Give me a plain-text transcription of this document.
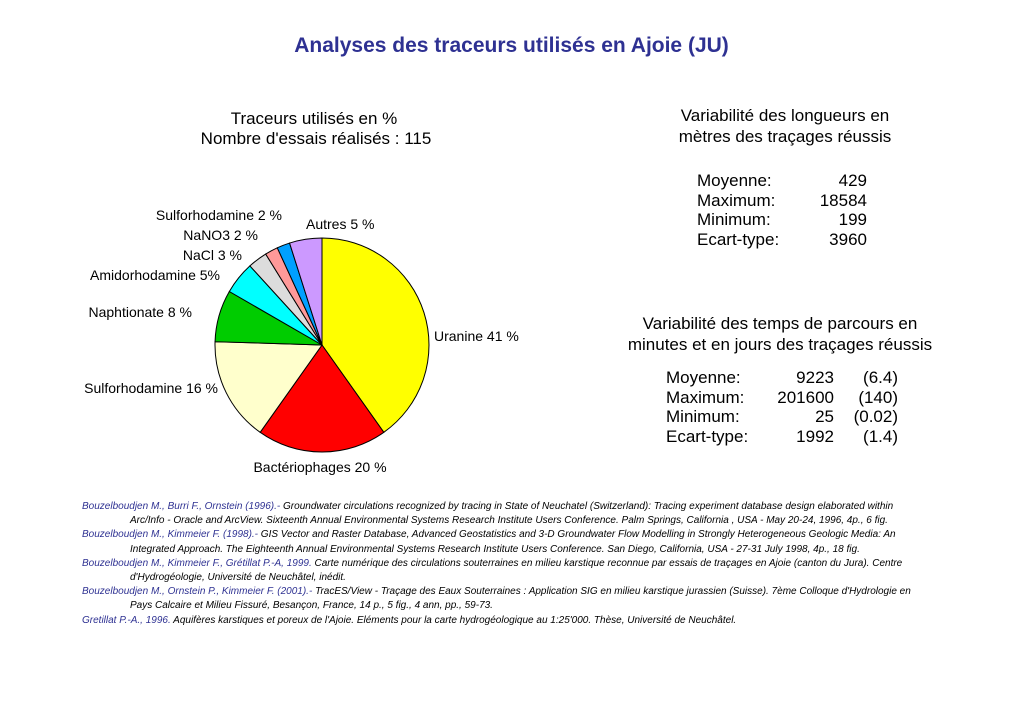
Analyses des traceurs utilisés en Ajoie (JU)
Traceurs utilisés en %
Nombre d'essais réalisés : 115
Uranine 41 %
Bactériophages 20 %
Sulforhodamine 16 %
Naphtionate 8 %
Amidorhodamine 5%
NaCl 3 %
NaNO3 2 %
Sulforhodamine 2 %
Autres 5 %
Variabilité des longueurs en
mètres des traçages réussis
Moyenne:	429
Maximum:	18584
Minimum:	199
Ecart-type:	3960
Variabilité des temps de parcours en
minutes et en jours des traçages réussis
Moyenne:	9223	(6.4)
Maximum:	201600	(140)
Minimum:	25	(0.02)
Ecart-type:	1992	(1.4)
Bouzelboudjen M., Burri F., Ornstein (1996).- Groundwater circulations recognized by tracing in State of Neuchatel (Switzerland): Tracing experiment database design elaborated within Arc/Info - Oracle and ArcView. Sixteenth Annual Environmental Systems Research Institute Users Conference. Palm Springs, California , USA - May 20-24, 1996, 4p., 6 fig.
Bouzelboudjen M., Kimmeier F. (1998).- GIS Vector and Raster Database, Advanced Geostatistics and 3-D Groundwater Flow Modelling in Strongly Heterogeneous Geologic Media: An Integrated Approach. The Eighteenth Annual Environmental Systems Research Institute Users Conference. San Diego, California, USA - 27-31 July 1998, 4p., 18 fig.
Bouzelboudjen M., Kimmeier F., Grétillat P.-A, 1999. Carte numérique des circulations souterraines en milieu karstique reconnue par essais de traçages en Ajoie (canton du Jura). Centre d'Hydrogéologie, Université de Neuchâtel, inédit.
Bouzelboudjen M., Ornstein P., Kimmeier F. (2001).- TracES/View - Traçage des Eaux Souterraines : Application SIG en milieu karstique jurassien (Suisse). 7ème Colloque d'Hydrologie en Pays Calcaire et Milieu Fissuré, Besançon, France, 14 p., 5 fig., 4 ann, pp., 59-73.
Gretillat P.-A., 1996. Aquifères karstiques et poreux de l'Ajoie. Eléments pour la carte hydrogéologique au 1:25'000. Thèse, Université de Neuchâtel.
